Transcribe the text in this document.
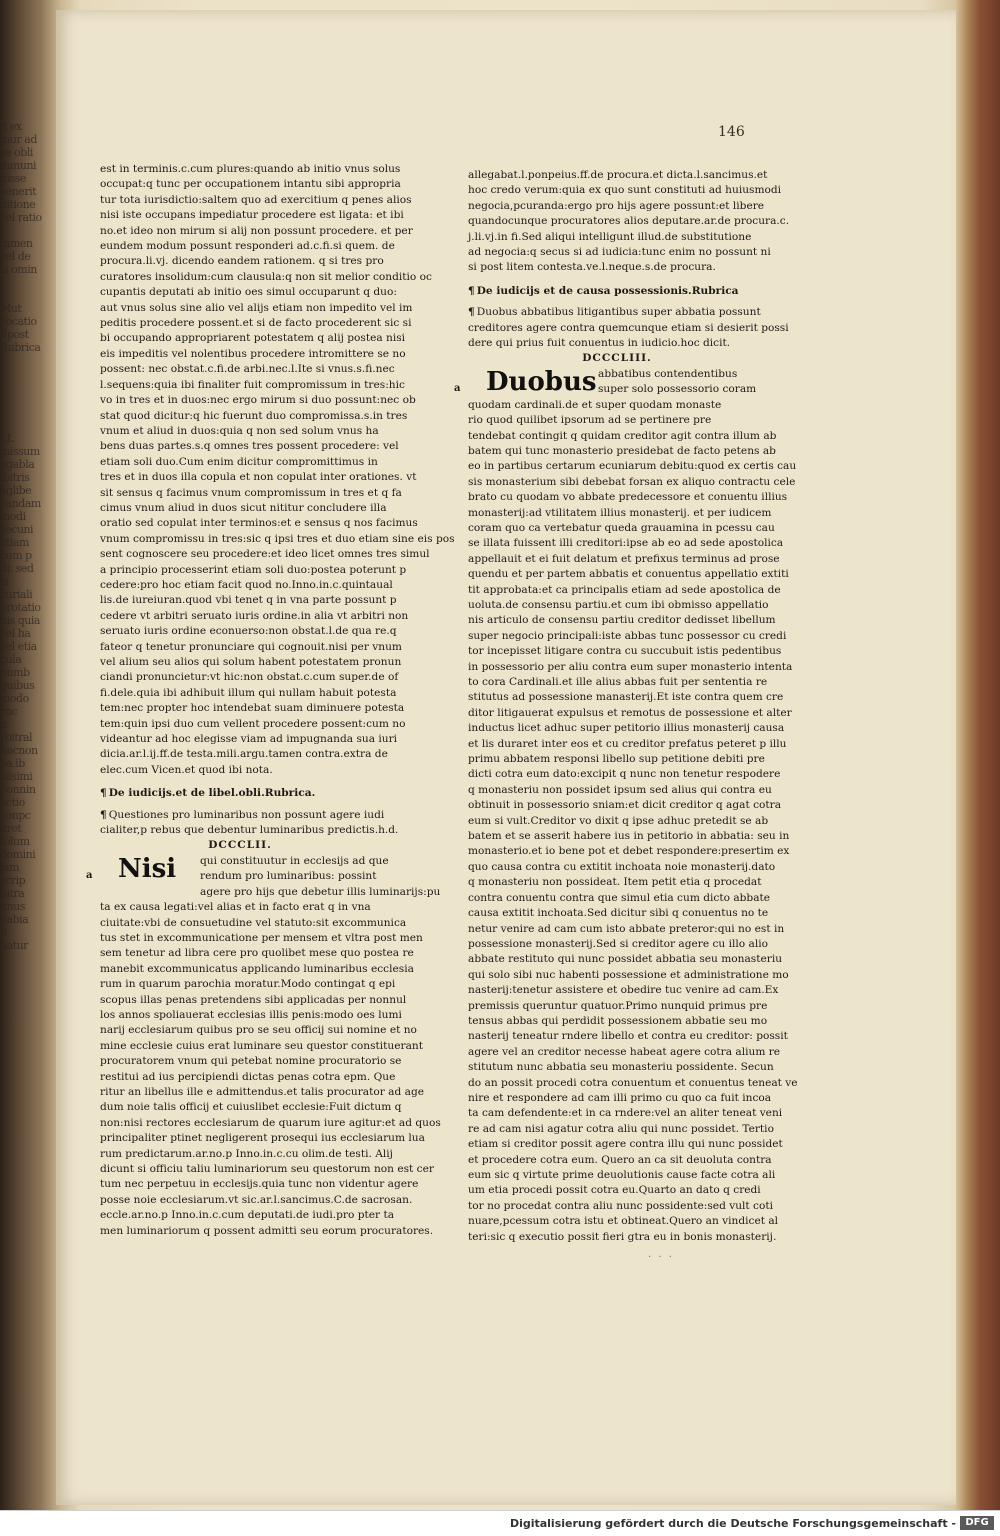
,t ex
mur ad
se obli
mmuni
nisse
venerit
bitione
vel ratio

tamen
vel de
si omin

Mut
vocatio
Ilpost
Rubrica

LL
missum
agabla
ibitris
aglibe
candam
modi
secuni
etiam
cum p
di: sed
zi
curiali
protatio
nis quia
vel ha
vel etia
cula
numb
quibus
modo
rnc
n
rbitral
necnon
oa.ib
silsimi
ponnin
actio
conpc
uret
tolum
domini
lam
scrip
bitra
unus
nabia
fi
natur
146
est in terminis.c.cum plures:quando ab initio vnus solus
occupat:q tunc per occupationem intantu sibi appropria
tur tota iurisdictio:saltem quo ad exercitium q penes alios
nisi iste occupans impediatur procedere est ligata: et ibi
no.et ideo non mirum si alij non possunt procedere. et per
eundem modum possunt responderi ad.c.fi.si quem. de
procura.li.vj. dicendo eandem rationem. q si tres pro
curatores insolidum:cum clausula:q non sit melior conditio oc
cupantis deputati ab initio oes simul occuparunt q duo:
aut vnus solus sine alio vel alijs etiam non impedito vel im
peditis procedere possent.et si de facto procederent sic si
bi occupando appropriarent potestatem q alij postea nisi
eis impeditis vel nolentibus procedere intromittere se no
possent: nec obstat.c.fi.de arbi.nec.l.Ite si vnus.s.fi.nec
l.sequens:quia ibi finaliter fuit compromissum in tres:hic
vo in tres et in duos:nec ergo mirum si duo possunt:nec ob
stat quod dicitur:q hic fuerunt duo compromissa.s.in tres
vnum et aliud in duos:quia q non sed solum vnus ha
bens duas partes.s.q omnes tres possent procedere: vel
etiam soli duo.Cum enim dicitur compromittimus in
tres et in duos illa copula et non copulat inter orationes. vt
sit sensus q facimus vnum compromissum in tres et q fa
cimus vnum aliud in duos sicut nititur concludere illa
oratio sed copulat inter terminos:et e sensus q nos facimus
vnum compromissu in tres:sic q ipsi tres et duo etiam sine eis pos
sent cognoscere seu procedere:et ideo licet omnes tres simul
a principio processerint etiam soli duo:postea poterunt p
cedere:pro hoc etiam facit quod no.Inno.in.c.quintaual
lis.de iureiuran.quod vbi tenet q in vna parte possunt p
cedere vt arbitri seruato iuris ordine.in alia vt arbitri non
seruato iuris ordine econuerso:non obstat.l.de qua re.q
fateor q tenetur pronunciare qui cognouit.nisi per vnum
vel alium seu alios qui solum habent potestatem pronun
ciandi pronuncietur:vt hic:non obstat.c.cum super.de of
fi.dele.quia ibi adhibuit illum qui nullam habuit potesta
tem:nec propter hoc intendebat suam diminuere potesta
tem:quin ipsi duo cum vellent procedere possent:cum no
videantur ad hoc elegisse viam ad impugnanda sua iuri
dicia.ar.l.ij.ff.de testa.mili.argu.tamen contra.extra de
elec.cum Vicen.et quod ibi nota.
¶ De iudicijs.et de libel.obli.Rubrica.
¶ Questiones pro luminaribus non possunt agere iudi
cialiter,p rebus que debentur luminaribus predictis.h.d.
DCCCLII.
Nisi
a
qui constituutur in ecclesijs ad que
rendum pro luminaribus: possint
agere pro hijs que debetur illis luminarijs:pu
ta ex causa legati:vel alias et in facto erat q in vna
ciuitate:vbi de consuetudine vel statuto:sit excommunica
tus stet in excommunicatione per mensem et vltra post men
sem tenetur ad libra cere pro quolibet mese quo postea re
manebit excommunicatus applicando luminaribus ecclesia
rum in quarum parochia moratur.Modo contingat q epi
scopus illas penas pretendens sibi applicadas per nonnul
los annos spoliauerat ecclesias illis penis:modo oes lumi
narij ecclesiarum quibus pro se seu officij sui nomine et no
mine ecclesie cuius erat luminare seu questor constituerant
procuratorem vnum qui petebat nomine procuratorio se
restitui ad ius percipiendi dictas penas cotra epm. Que
ritur an libellus ille e admittendus.et talis procurator ad age
dum noie talis officij et cuiuslibet ecclesie:Fuit dictum q
non:nisi rectores ecclesiarum de quarum iure agitur:et ad quos
principaliter ptinet negligerent prosequi ius ecclesiarum lua
rum predictarum.ar.no.p Inno.in.c.cu olim.de testi. Alij
dicunt si officiu taliu luminariorum seu questorum non est cer
tum nec perpetuu in ecclesijs.quia tunc non videntur agere
posse noie ecclesiarum.vt sic.ar.l.sancimus.C.de sacrosan.
eccle.ar.no.p Inno.in.c.cum deputati.de iudi.pro pter ta
men luminariorum q possent admitti seu eorum procuratores.
allegabat.l.ponpeius.ff.de procura.et dicta.l.sancimus.et
hoc credo verum:quia ex quo sunt constituti ad huiusmodi
negocia,pcuranda:ergo pro hijs agere possunt:et libere
quandocunque procuratores alios deputare.ar.de procura.c.
j.li.vj.in fi.Sed aliqui intelligunt illud.de substitutione
ad negocia:q secus si ad iudicia:tunc enim no possunt ni
si post litem contesta.ve.l.neque.s.de procura.
¶ De iudicijs et de causa possessionis.Rubrica
¶ Duobus abbatibus litigantibus super abbatia possunt
creditores agere contra quemcunque etiam si desierit possi
dere qui prius fuit conuentus in iudicio.hoc dicit.
DCCCLIII.
Duobus
a
abbatibus contendentibus
super solo possessorio coram
quodam cardinali.de et super quodam monaste
rio quod quilibet ipsorum ad se pertinere pre
tendebat contingit q quidam creditor agit contra illum ab
batem qui tunc monasterio presidebat de facto petens ab
eo in partibus certarum ecuniarum debitu:quod ex certis cau
sis monasterium sibi debebat forsan ex aliquo contractu cele
brato cu quodam vo abbate predecessore et conuentu illius
monasterij:ad vtilitatem illius monasterij. et per iudicem
coram quo ca vertebatur queda grauamina in pcessu cau
se illata fuissent illi creditori:ipse ab eo ad sede apostolica
appellauit et ei fuit delatum et prefixus terminus ad prose
quendu et per partem abbatis et conuentus appellatio extiti
tit approbata:et ca principalis etiam ad sede apostolica de
uoluta.de consensu partiu.et cum ibi obmisso appellatio
nis articulo de consensu partiu creditor dedisset libellum
super negocio principali:iste abbas tunc possessor cu credi
tor incepisset litigare contra cu succubuit istis pedentibus
in possessorio per aliu contra eum super monasterio intenta
to cora Cardinali.et ille alius abbas fuit per sententia re
stitutus ad possessione manasterij.Et iste contra quem cre
ditor litigauerat expulsus et remotus de possessione et alter
inductus licet adhuc super petitorio illius monasterij causa
et lis duraret inter eos et cu creditor prefatus peteret p illu
primu abbatem responsi libello sup petitione debiti pre
dicti cotra eum dato:excipit q nunc non tenetur respodere
q monasteriu non possidet ipsum sed alius qui contra eu
obtinuit in possessorio sniam:et dicit creditor q agat cotra
eum si vult.Creditor vo dixit q ipse adhuc pretedit se ab
batem et se asserit habere ius in petitorio in abbatia: seu in
monasterio.et io bene pot et debet respondere:presertim ex
quo causa contra cu extitit inchoata noie monasterij.dato
q monasteriu non possideat. Item petit etia q procedat
contra conuentu contra que simul etia cum dicto abbate
causa extitit inchoata.Sed dicitur sibi q conuentus no te
netur venire ad cam cum isto abbate preteror:qui no est in
possessione monasterij.Sed si creditor agere cu illo alio
abbate restituto qui nunc possidet abbatia seu monasteriu
qui solo sibi nuc habenti possessione et administratione mo
nasterij:tenetur assistere et obedire tuc venire ad cam.Ex
premissis queruntur quatuor.Primo nunquid primus pre
tensus abbas qui perdidit possessionem abbatie seu mo
nasterij teneatur rndere libello et contra eu creditor: possit
agere vel an creditor necesse habeat agere cotra alium re
stitutum nunc abbatia seu monasteriu possidente. Secun
do an possit procedi cotra conuentum et conuentus teneat ve
nire et respondere ad cam illi primo cu quo ca fuit incoa
ta cam defendente:et in ca rndere:vel an aliter teneat veni
re ad cam nisi agatur cotra aliu qui nunc possidet. Tertio
etiam si creditor possit agere contra illu qui nunc possidet
et procedere cotra eum. Quero an ca sit deuoluta contra
eum sic q virtute prime deuolutionis cause facte cotra ali
um etia procedi possit cotra eu.Quarto an dato q credi
tor no procedat contra aliu nunc possidente:sed vult coti
nuare,pcessum cotra istu et obtineat.Quero an vindicet al
teri:sic q executio possit fieri gtra eu in bonis monasterij.
· · ·
Digitalisierung gefördert durch die Deutsche Forschungsgemeinschaft - DFG
